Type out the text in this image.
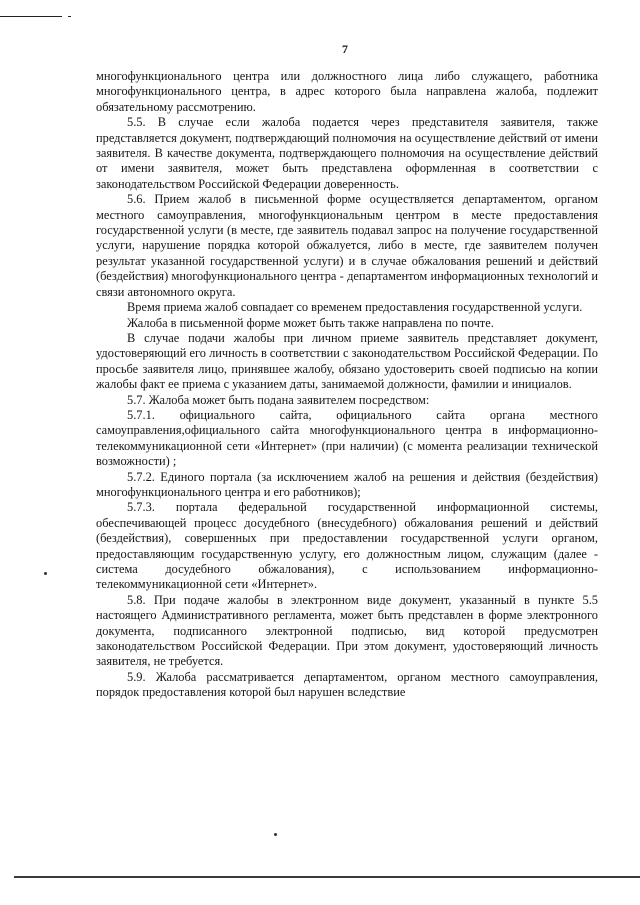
7

многофункционального центра или должностного лица либо служащего, работника многофункционального центра, в адрес которого была направлена жалоба, подлежит обязательному рассмотрению.

5.5. В случае если жалоба подается через представителя заявителя, также представляется документ, подтверждающий полномочия на осуществление действий от имени заявителя. В качестве документа, подтверждающего полномочия на осуществление действий от имени заявителя, может быть представлена оформленная в соответствии с законодательством Российской Федерации доверенность.

5.6. Прием жалоб в письменной форме осуществляется департаментом, органом местного самоуправления, многофункциональным центром в месте предоставления государственной услуги (в месте, где заявитель подавал запрос на получение государственной услуги, нарушение порядка которой обжалуется, либо в месте, где заявителем получен результат указанной государственной услуги) и в случае обжалования решений и действий (бездействия) многофункционального центра - департаментом информационных технологий и связи автономного округа.

Время приема жалоб совпадает со временем предоставления государственной услуги.

Жалоба в письменной форме может быть также направлена по почте.

В случае подачи жалобы при личном приеме заявитель представляет документ, удостоверяющий его личность в соответствии с законодательством Российской Федерации. По просьбе заявителя лицо, принявшее жалобу, обязано удостоверить своей подписью на копии жалобы факт ее приема с указанием даты, занимаемой должности, фамилии и инициалов.

5.7. Жалоба может быть подана заявителем посредством:

5.7.1. официального сайта, официального сайта органа местного самоуправления,официального сайта многофункционального центра в информационно-телекоммуникационной сети «Интернет» (при наличии) (с момента реализации технической возможности) ;

5.7.2. Единого портала (за исключением жалоб на решения и действия (бездействия) многофункционального центра и его работников);

5.7.3. портала федеральной государственной информационной системы, обеспечивающей процесс досудебного (внесудебного) обжалования решений и действий (бездействия), совершенных при предоставлении государственной услуги органом, предоставляющим государственную услугу, его должностным лицом, служащим (далее - система досудебного обжалования), с использованием информационно-телекоммуникационной сети «Интернет».

5.8. При подаче жалобы в электронном виде документ, указанный в пункте 5.5 настоящего Административного регламента, может быть представлен в форме электронного документа, подписанного электронной подписью, вид которой предусмотрен законодательством Российской Федерации. При этом документ, удостоверяющий личность заявителя, не требуется.

5.9. Жалоба рассматривается департаментом, органом местного самоуправления, порядок предоставления которой был нарушен вследствие
